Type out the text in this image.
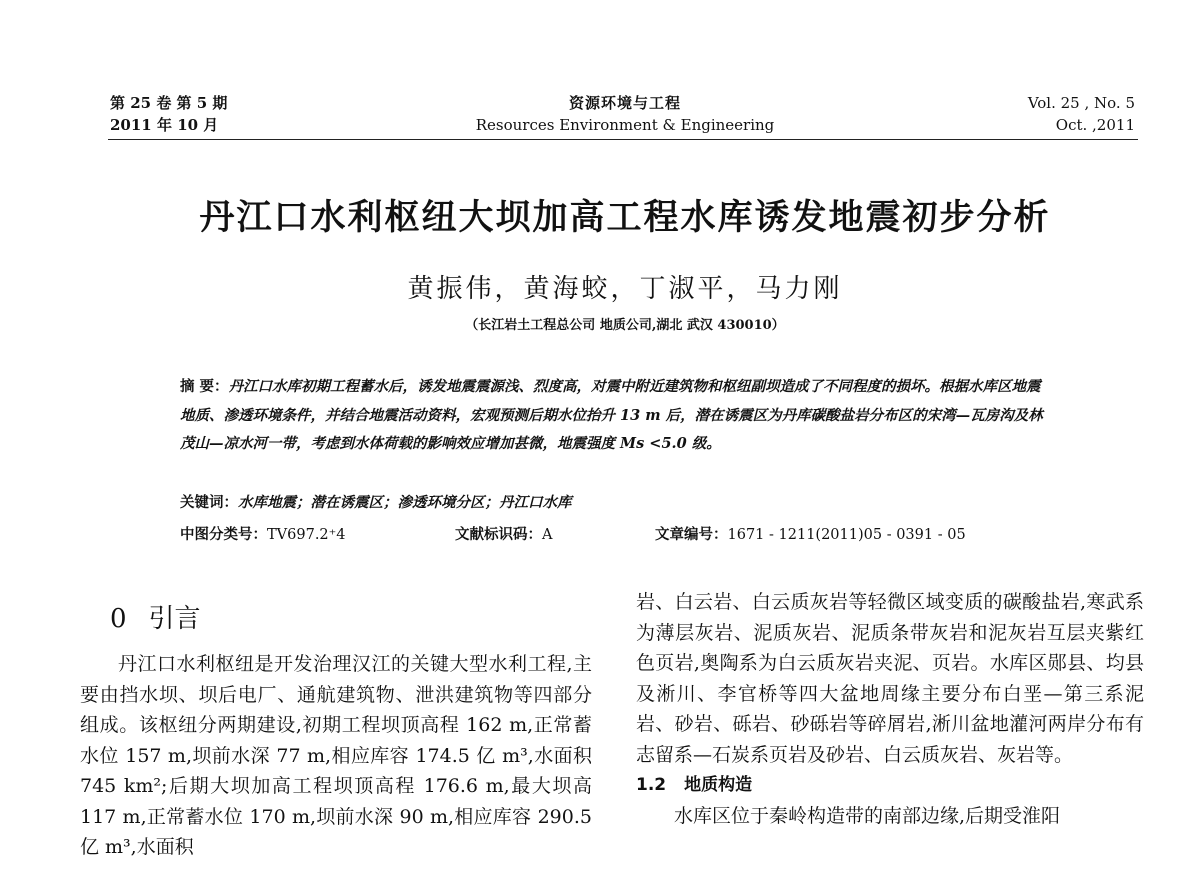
第 25 卷 第 5 期
2011 年 10 月
资源环境与工程
Resources Environment & Engineering
Vol. 25 , No. 5
Oct. ,2011
丹江口水利枢纽大坝加高工程水库诱发地震初步分析
黄振伟，黄海蛟，丁淑平，马力刚
（长江岩土工程总公司 地质公司,湖北 武汉 430010）
摘 要：丹江口水库初期工程蓄水后，诱发地震震源浅、烈度高，对震中附近建筑物和枢纽副坝造成了不同程度的损坏。根据水库区地震地质、渗透环境条件，并结合地震活动资料，宏观预测后期水位抬升 13 m 后，潜在诱震区为丹库碳酸盐岩分布区的宋湾—瓦房沟及林茂山—凉水河一带，考虑到水体荷载的影响效应增加甚微，地震强度 Ms <5.0 级。
关键词：水库地震；潜在诱震区；渗透环境分区；丹江口水库
中图分类号：TV697.2⁺4	文献标识码：A	文章编号：1671 - 1211(2011)05 - 0391 - 05
0 引言

丹江口水利枢纽是开发治理汉江的关键大型水利工程,主要由挡水坝、坝后电厂、通航建筑物、泄洪建筑物等四部分组成。该枢纽分两期建设,初期工程坝顶高程 162 m,正常蓄水位 157 m,坝前水深 77 m,相应库容 174.5 亿 m³,水面积 745 km²;后期大坝加高工程坝顶高程 176.6 m,最大坝高 117 m,正常蓄水位 170 m,坝前水深 90 m,相应库容 290.5 亿 m³,水面积

岩、白云岩、白云质灰岩等轻微区域变质的碳酸盐岩,寒武系为薄层灰岩、泥质灰岩、泥质条带灰岩和泥灰岩互层夹紫红色页岩,奥陶系为白云质灰岩夹泥、页岩。水库区郧县、均县及淅川、李官桥等四大盆地周缘主要分布白垩—第三系泥岩、砂岩、砾岩、砂砾岩等碎屑岩,淅川盆地灌河两岸分布有志留系—石炭系页岩及砂岩、白云质灰岩、灰岩等。

1.2 地质构造

水库区位于秦岭构造带的南部边缘,后期受淮阳
